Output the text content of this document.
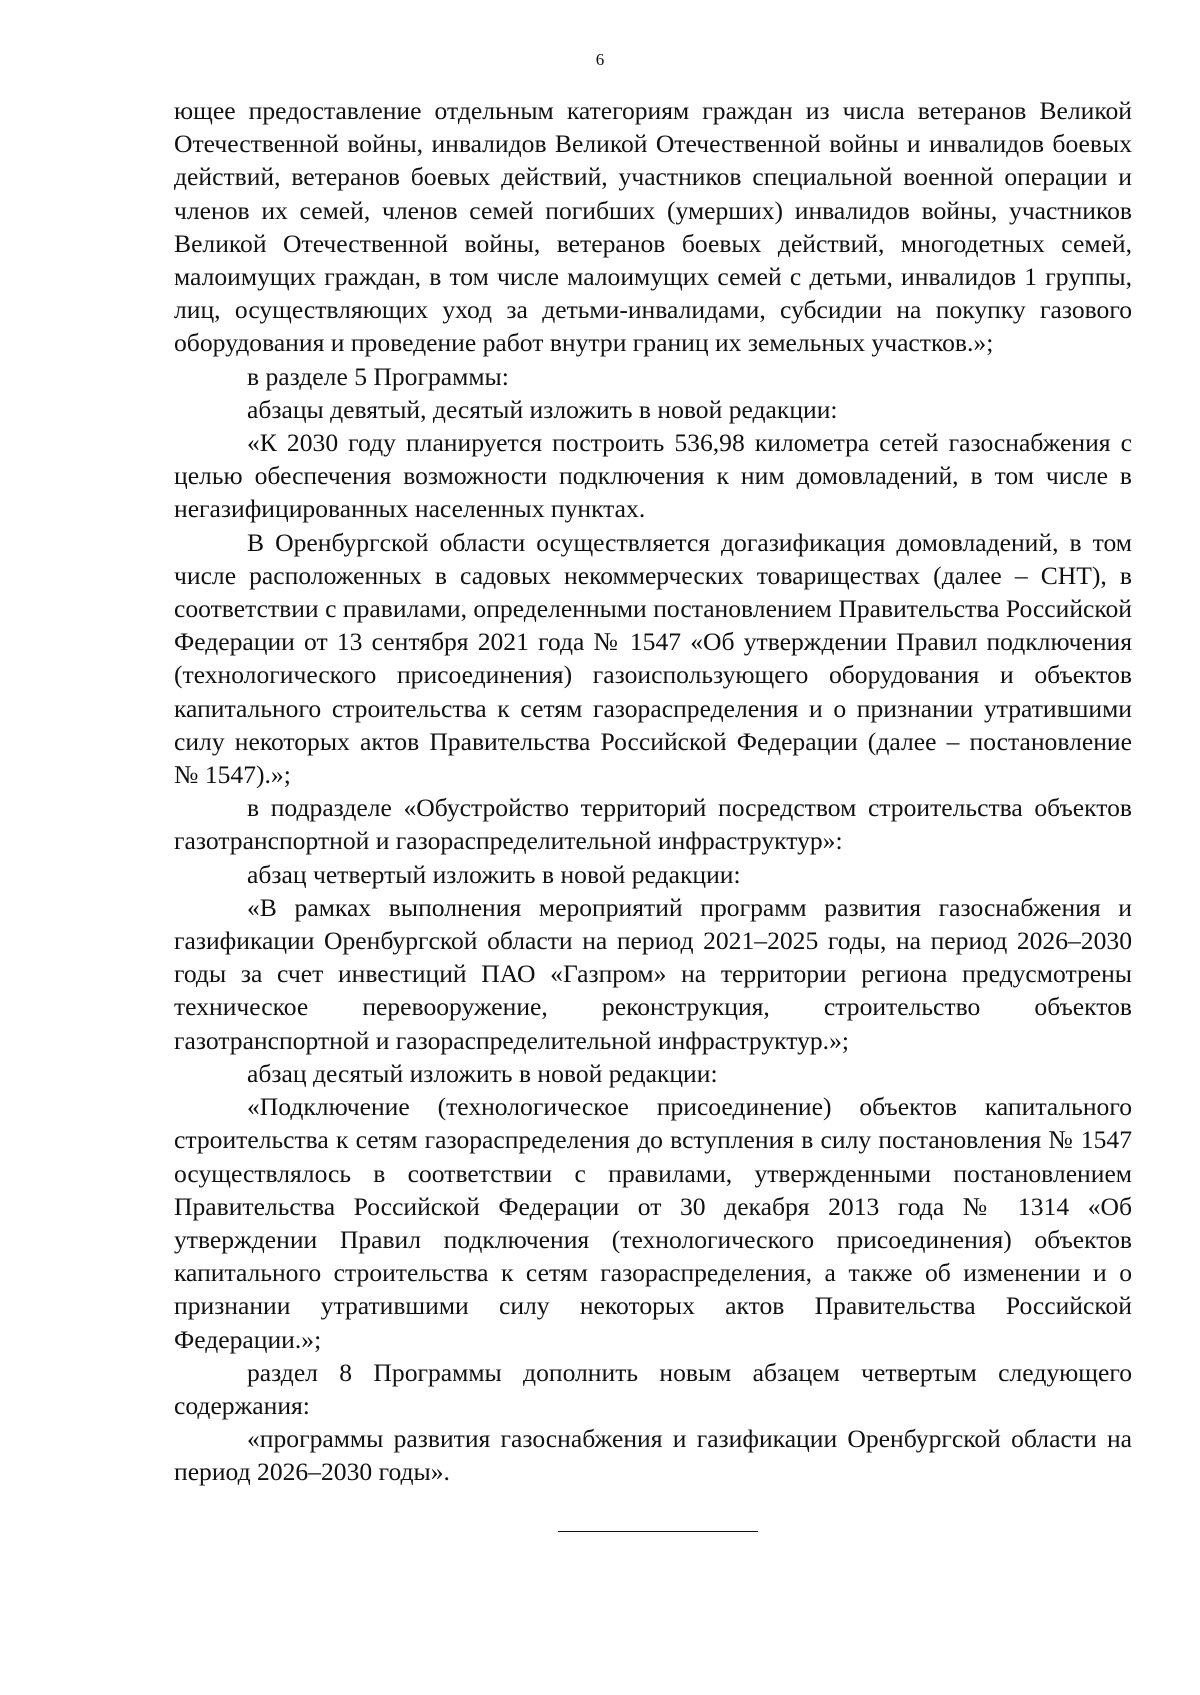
6

ющее предоставление отдельным категориям граждан из числа ветеранов Великой Отечественной войны, инвалидов Великой Отечественной войны и инвалидов боевых действий, ветеранов боевых действий, участников специальной военной операции и членов их семей, членов семей погибших (умерших) инвалидов войны, участников Великой Отечественной войны, ветеранов боевых действий, многодетных семей, малоимущих граждан, в том числе малоимущих семей с детьми, инвалидов 1 группы, лиц, осуществляющих уход за детьми-инвалидами, субсидии на покупку газового оборудования и проведение работ внутри границ их земельных участков.»;

в разделе 5 Программы:

абзацы девятый, десятый изложить в новой редакции:

«К 2030 году планируется построить 536,98 километра сетей газоснабжения с целью обеспечения возможности подключения к ним домовладений, в том числе в негазифицированных населенных пунктах.

В Оренбургской области осуществляется догазификация домовладений, в том числе расположенных в садовых некоммерческих товариществах (далее – СНТ), в соответствии с правилами, определенными постановлением Правительства Российской Федерации от 13 сентября 2021 года № 1547 «Об утверждении Правил подключения (технологического присоединения) газоиспользующего оборудования и объектов капитального строительства к сетям газораспределения и о признании утратившими силу некоторых актов Правительства Российской Федерации (далее – постановление № 1547).»;

в подразделе «Обустройство территорий посредством строительства объектов газотранспортной и газораспределительной инфраструктур»:

абзац четвертый изложить в новой редакции:

«В рамках выполнения мероприятий программ развития газоснабжения и газификации Оренбургской области на период 2021–2025 годы, на период 2026–2030 годы за счет инвестиций ПАО «Газпром» на территории региона предусмотрены техническое перевооружение, реконструкция, строительство объектов газотранспортной и газораспределительной инфраструктур.»;

абзац десятый изложить в новой редакции:

«Подключение (технологическое присоединение) объектов капитального строительства к сетям газораспределения до вступления в силу постановления № 1547 осуществлялось в соответствии с правилами, утвержденными постановлением Правительства Российской Федерации от 30 декабря 2013 года № 1314 «Об утверждении Правил подключения (технологического присоединения) объектов капитального строительства к сетям газораспределения, а также об изменении и о признании утратившими силу некоторых актов Правительства Российской Федерации.»;

раздел 8 Программы дополнить новым абзацем четвертым следующего содержания:

«программы развития газоснабжения и газификации Оренбургской области на период 2026–2030 годы».
